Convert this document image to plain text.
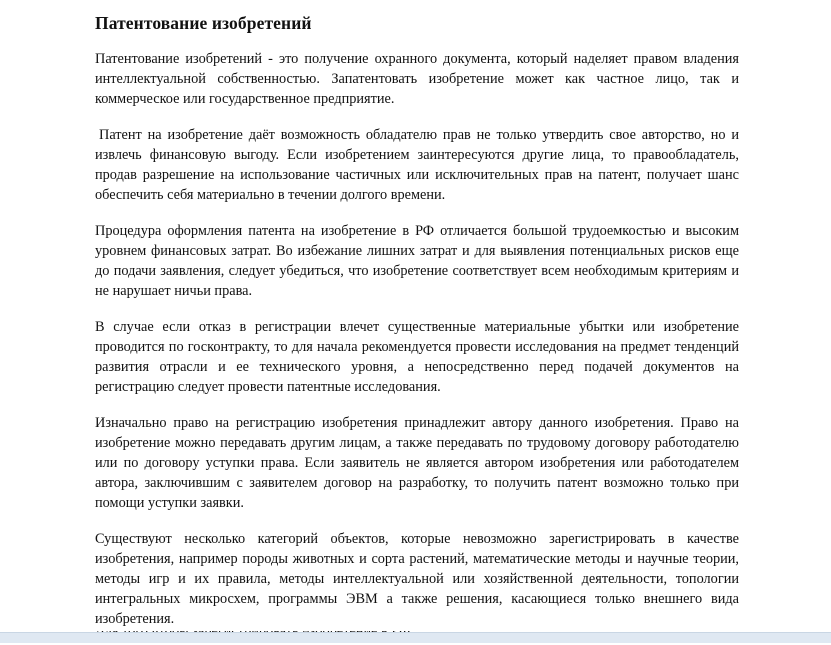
Патентование изобретений

Патентование изобретений - это получение охранного документа, который наделяет правом владения интеллектуальной собственностью. Запатентовать изобретение может как частное лицо, так и коммерческое или государственное предприятие.

Патент на изобретение даёт возможность обладателю прав не только утвердить свое авторство, но и извлечь финансовую выгоду. Если изобретением заинтересуются другие лица, то правообладатель, продав разрешение на использование частичных или исключительных прав на патент, получает шанс обеспечить себя материально в течении долгого времени.

Процедура оформления патента на изобретение в РФ отличается большой трудоемкостью и высоким уровнем финансовых затрат. Во избежание лишних затрат и для выявления потенциальных рисков еще до подачи заявления, следует убедиться, что изобретение соответствует всем необходимым критериям и не нарушает ничьи права.

В случае если отказ в регистрации влечет существенные материальные убытки или изобретение проводится по госконтракту, то для начала рекомендуется провести исследования на предмет тенденций развития отрасли и ее технического уровня, а непосредственно перед подачей документов на регистрацию следует провести патентные исследования.

Изначально право на регистрацию изобретения принадлежит автору данного изобретения. Право на изобретение можно передавать другим лицам, а также передавать по трудовому договору работодателю или по договору уступки права. Если заявитель не является автором изобретения или работодателем автора, заключившим с заявителем договор на разработку, то получить патент возможно только при помощи уступки заявки.

Существуют несколько категорий объектов, которые невозможно зарегистрировать в качестве изобретения, например породы животных и сорта растений, математические методы и научные теории, методы игр и их правила, методы интеллектуальной или хозяйственной деятельности, топологии интегральных микросхем, программы ЭВМ а также решения, касающиеся только внешнего вида изобретения.
